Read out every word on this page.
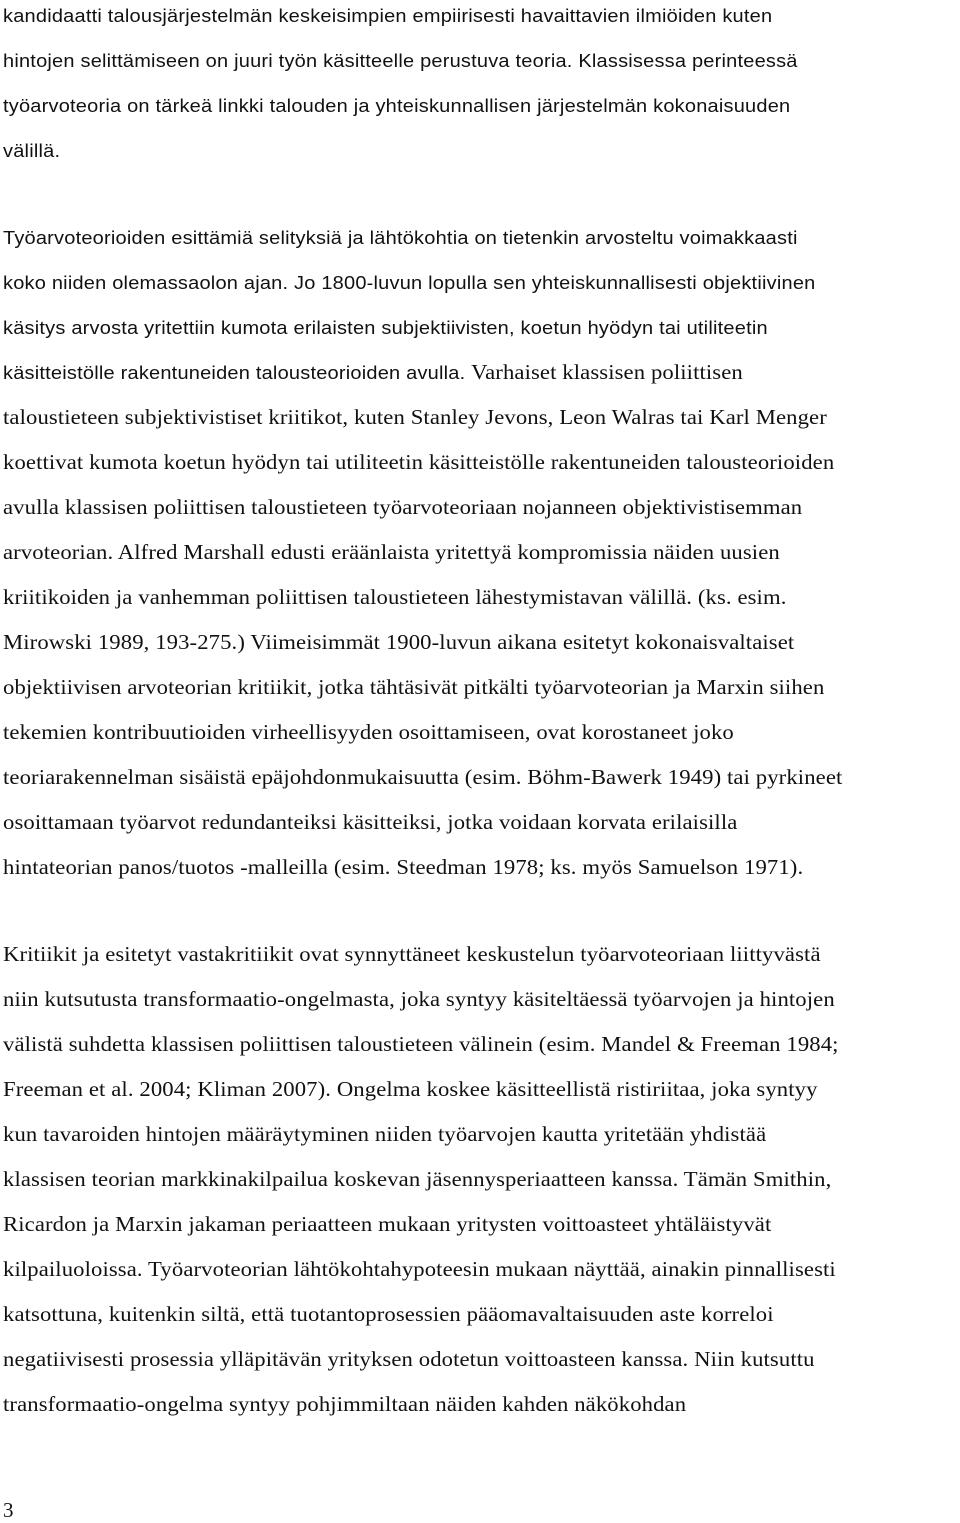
kandidaatti talousjärjestelmän keskeisimpien empiirisesti havaittavien ilmiöiden kuten
hintojen selittämiseen on juuri työn käsitteelle perustuva teoria. Klassisessa perinteessä
työarvoteoria on tärkeä linkki talouden ja yhteiskunnallisen järjestelmän kokonaisuuden
välillä.
Työarvoteorioiden esittämiä selityksiä ja lähtökohtia on tietenkin arvosteltu voimakkaasti
koko niiden olemassaolon ajan. Jo 1800-luvun lopulla sen yhteiskunnallisesti objektiivinen
käsitys arvosta yritettiin kumota erilaisten subjektiivisten, koetun hyödyn tai utiliteetin
käsitteistölle rakentuneiden talousteorioiden avulla. Varhaiset klassisen poliittisen
taloustieteen subjektivistiset kriitikot, kuten Stanley Jevons, Leon Walras tai Karl Menger
koettivat kumota koetun hyödyn tai utiliteetin käsitteistölle rakentuneiden talousteorioiden
avulla klassisen poliittisen taloustieteen työarvoteoriaan nojanneen objektivistisemman
arvoteorian. Alfred Marshall edusti eräänlaista yritettyä kompromissia näiden uusien
kriitikoiden ja vanhemman poliittisen taloustieteen lähestymistavan välillä. (ks. esim.
Mirowski 1989, 193-275.) Viimeisimmät 1900-luvun aikana esitetyt kokonaisvaltaiset
objektiivisen arvoteorian kritiikit, jotka tähtäsivät pitkälti työarvoteorian ja Marxin siihen
tekemien kontribuutioiden virheellisyyden osoittamiseen, ovat korostaneet joko
teoriarakennelman sisäistä epäjohdonmukaisuutta (esim. Böhm-Bawerk 1949) tai pyrkineet
osoittamaan työarvot redundanteiksi käsitteiksi, jotka voidaan korvata erilaisilla
hintateorian panos/tuotos -malleilla (esim. Steedman 1978; ks. myös Samuelson 1971).
Kritiikit ja esitetyt vastakritiikit ovat synnyttäneet keskustelun työarvoteoriaan liittyvästä
niin kutsutusta transformaatio-ongelmasta, joka syntyy käsiteltäessä työarvojen ja hintojen
välistä suhdetta klassisen poliittisen taloustieteen välinein (esim. Mandel & Freeman 1984;
Freeman et al. 2004; Kliman 2007). Ongelma koskee käsitteellistä ristiriitaa, joka syntyy
kun tavaroiden hintojen määräytyminen niiden työarvojen kautta yritetään yhdistää
klassisen teorian markkinakilpailua koskevan jäsennysperiaatteen kanssa. Tämän Smithin,
Ricardon ja Marxin jakaman periaatteen mukaan yritysten voittoasteet yhtäläistyvät
kilpailuoloissa. Työarvoteorian lähtökohtahypoteesin mukaan näyttää, ainakin pinnallisesti
katsottuna, kuitenkin siltä, että tuotantoprosessien pääomavaltaisuuden aste korreloi
negatiivisesti prosessia ylläpitävän yrityksen odotetun voittoasteen kanssa. Niin kutsuttu
transformaatio-ongelma syntyy pohjimmiltaan näiden kahden näkökohdan
3
